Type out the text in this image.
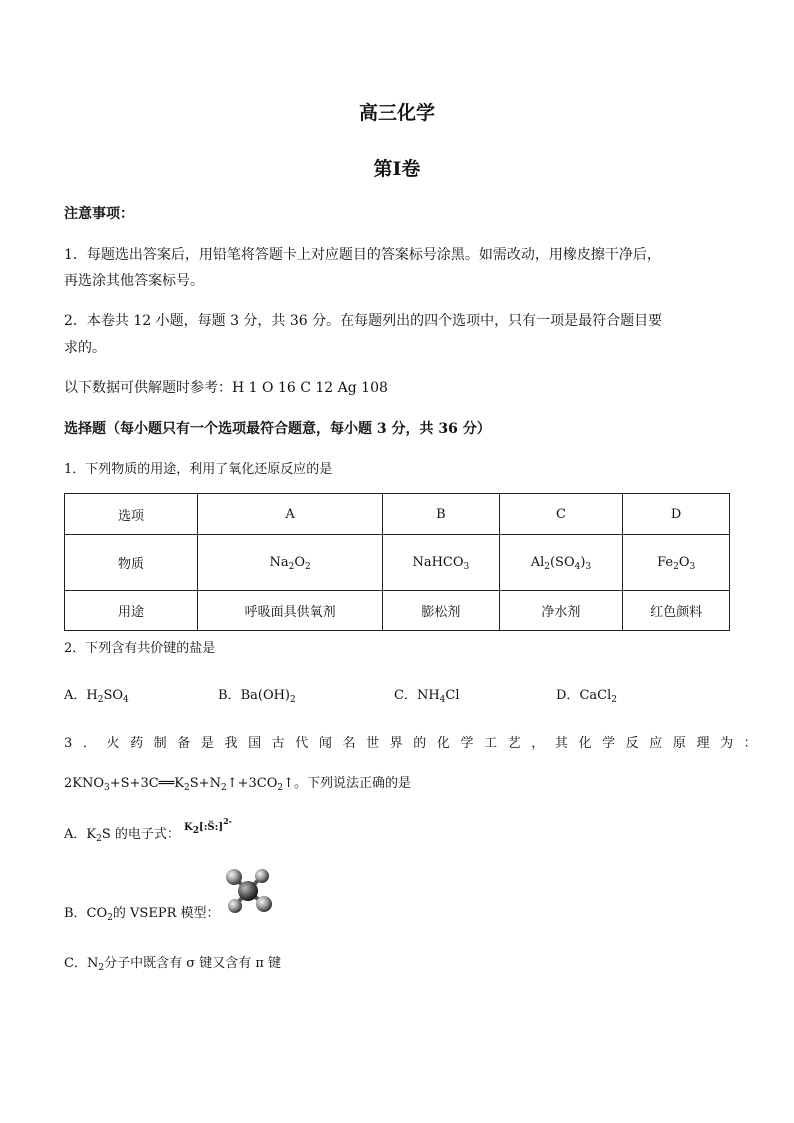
高三化学
第Ⅰ卷
注意事项：
1．每题选出答案后，用铅笔将答题卡上对应题目的答案标号涂黑。如需改动，用橡皮擦干净后，
再选涂其他答案标号。
2．本卷共 12 小题，每题 3 分，共 36 分。在每题列出的四个选项中，只有一项是最符合题目要
求的。
以下数据可供解题时参考：H 1 O 16 C 12 Ag 108
选择题（每小题只有一个选项最符合题意，每小题 3 分，共 36 分）
1．下列物质的用途，利用了氧化还原反应的是
选项	A	B	C	D
物质	$Na_2O_2$	NaHCO$_3$	$Al_2(SO_4)_3$	$Fe_2O_3$
用途	呼吸面具供氧剂	膨松剂	净水剂	红色颜料
2．下列含有共价键的盐是
A．$H_2SO_4$	B．$Ba(OH)_2$	C．$NH_4Cl$	D．CaCl$_2$
3．火药制备是我国古代闻名世界的化学工艺，其化学反应原理为：
$2KNO_3+S+3C══K_2S+N_2↑+3CO_2↑$。下列说法正确的是
A．$K_2S$ 的电子式： $^{K_2[:S̈:]^{2-}}$
B．$CO_2$的 VSEPR 模型：
C．$N_2$分子中既含有 σ 键又含有 π 键
